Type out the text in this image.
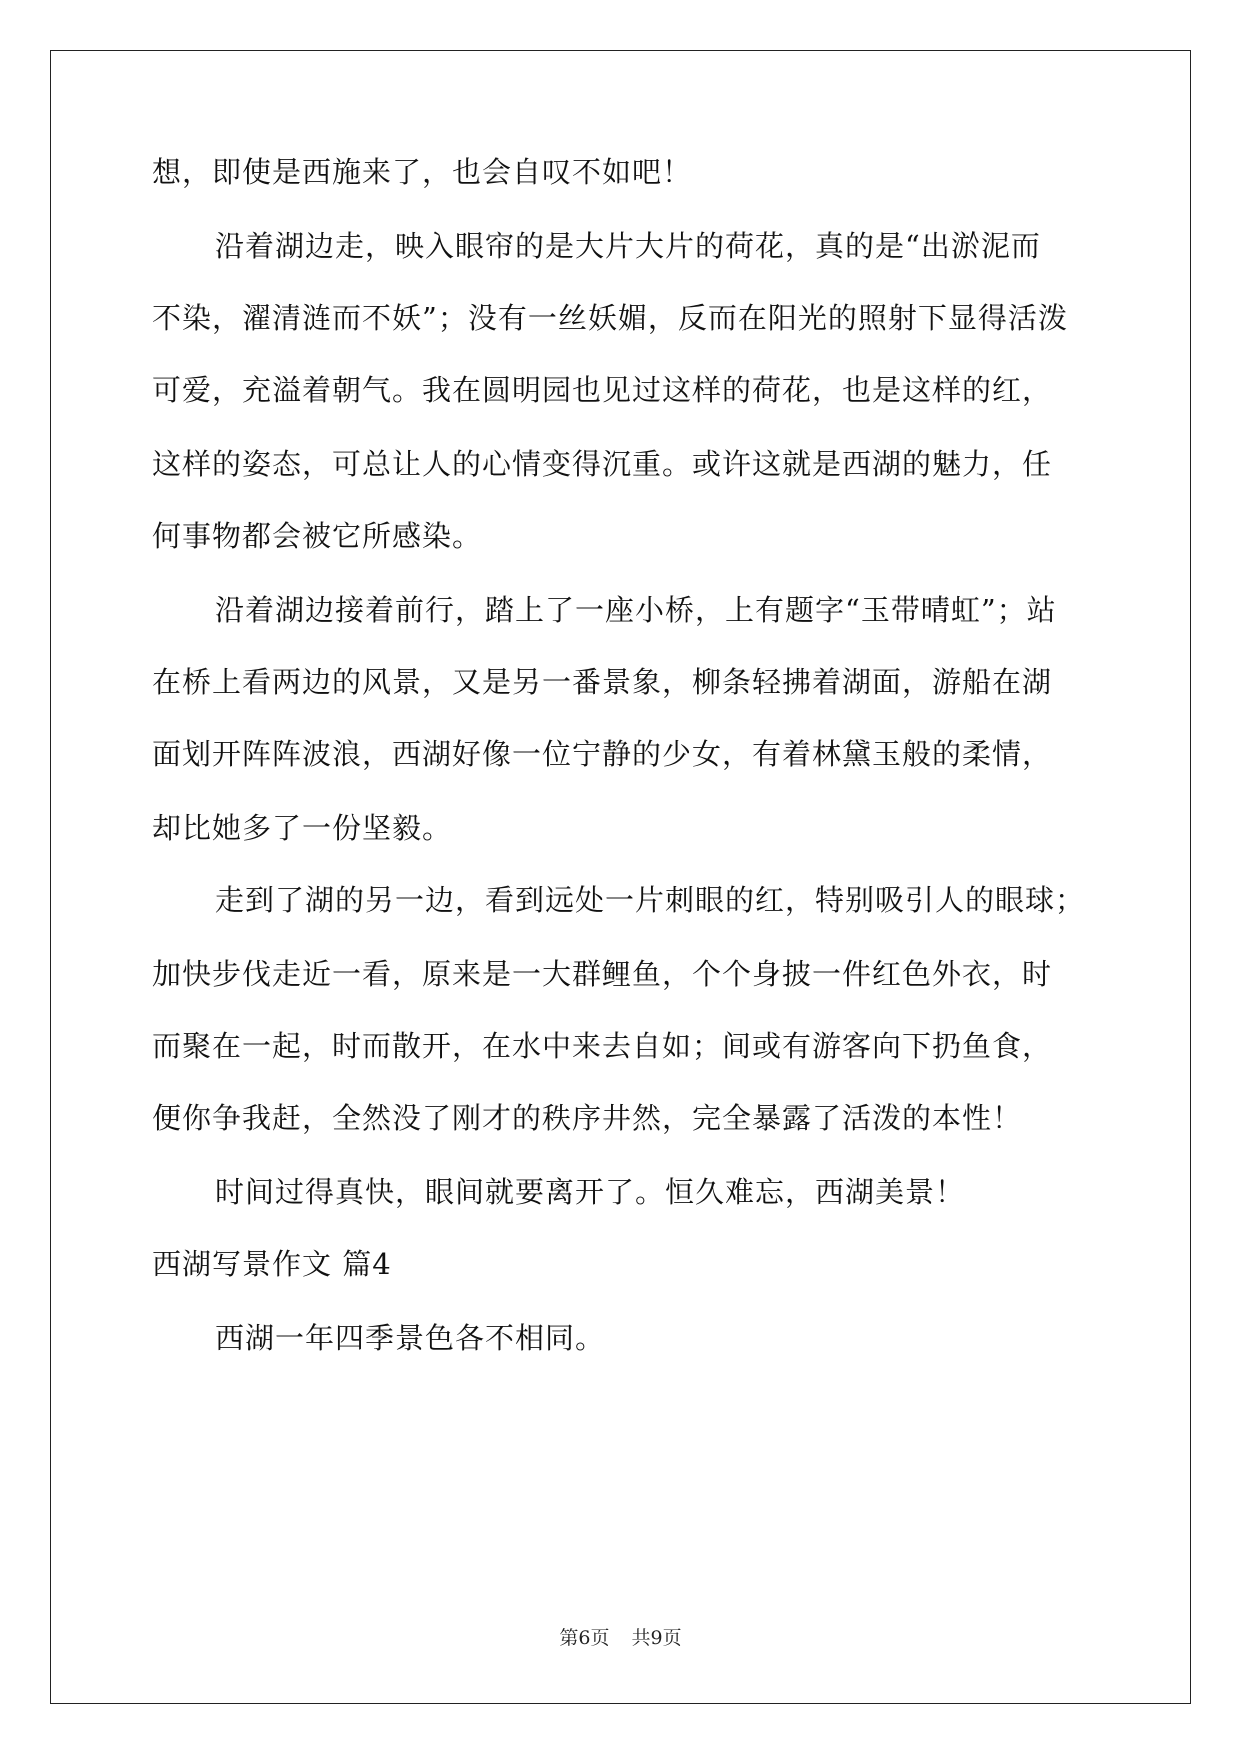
想，即使是西施来了，也会自叹不如吧！

沿着湖边走，映入眼帘的是大片大片的荷花，真的是“出淤泥而

不染，濯清涟而不妖”；没有一丝妖媚，反而在阳光的照射下显得活泼

可爱，充溢着朝气。我在圆明园也见过这样的荷花，也是这样的红，

这样的姿态，可总让人的心情变得沉重。或许这就是西湖的魅力，任

何事物都会被它所感染。

沿着湖边接着前行，踏上了一座小桥，上有题字“玉带晴虹”；站

在桥上看两边的风景，又是另一番景象，柳条轻拂着湖面，游船在湖

面划开阵阵波浪，西湖好像一位宁静的少女，有着林黛玉般的柔情，

却比她多了一份坚毅。

走到了湖的另一边，看到远处一片刺眼的红，特别吸引人的眼球；

加快步伐走近一看，原来是一大群鲤鱼，个个身披一件红色外衣，时

而聚在一起，时而散开，在水中来去自如；间或有游客向下扔鱼食，

便你争我赶，全然没了刚才的秩序井然，完全暴露了活泼的本性！

时间过得真快，眼间就要离开了。恒久难忘，西湖美景！

西湖写景作文 篇4

西湖一年四季景色各不相同。

第6页 共9页
